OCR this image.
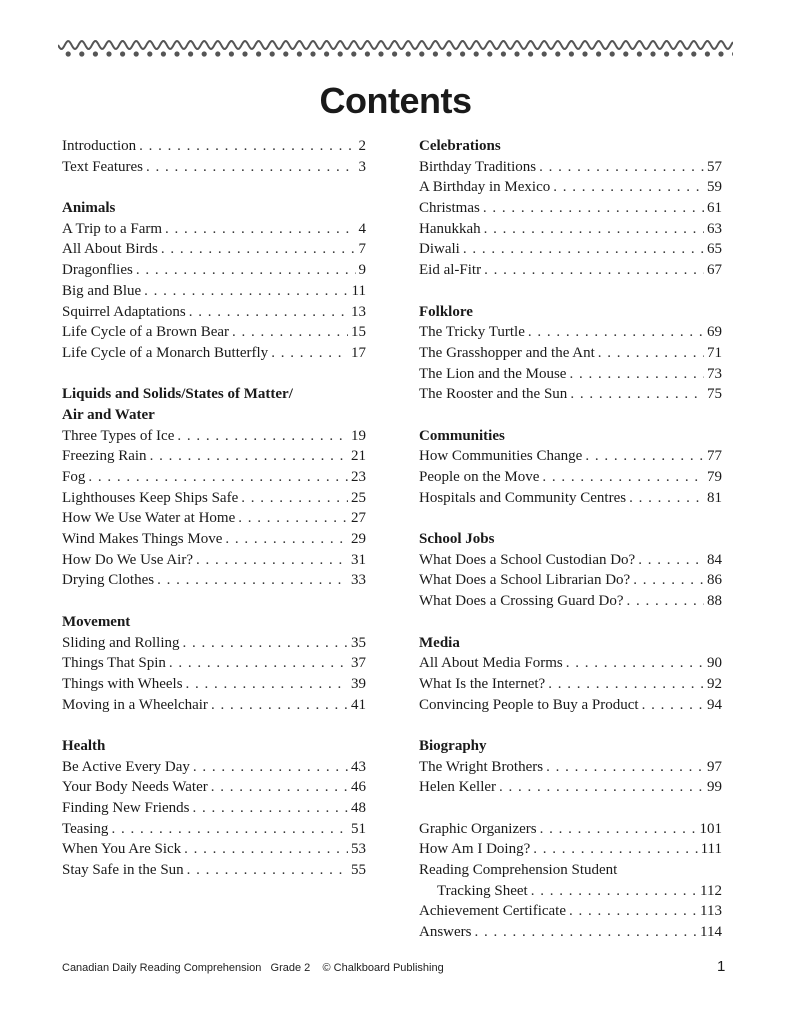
Contents
Introduction . . .	2
Text Features . . .	3
Animals
A Trip to a Farm . . .	4
All About Birds . . .	7
Dragonflies . . .	9
Big and Blue . . .	11
Squirrel Adaptations . . .	13
Life Cycle of a Brown Bear . . .	15
Life Cycle of a Monarch Butterfly . . .	17
Liquids and Solids/States of Matter/
Air and Water
Three Types of Ice . . .	19
Freezing Rain . . .	21
Fog . . .	23
Lighthouses Keep Ships Safe . . .	25
How We Use Water at Home . . .	27
Wind Makes Things Move . . .	29
How Do We Use Air? . . .	31
Drying Clothes . . .	33
Movement
Sliding and Rolling . . .	35
Things That Spin . . .	37
Things with Wheels . . .	39
Moving in a Wheelchair . . .	41
Health
Be Active Every Day . . .	43
Your Body Needs Water . . .	46
Finding New Friends . . .	48
Teasing . . .	51
When You Are Sick . . .	53
Stay Safe in the Sun . . .	55
Celebrations
Birthday Traditions . . .	57
A Birthday in Mexico . . .	59
Christmas . . .	61
Hanukkah . . .	63
Diwali . . .	65
Eid al-Fitr . . .	67
Folklore
The Tricky Turtle . . .	69
The Grasshopper and the Ant . . .	71
The Lion and the Mouse . . .	73
The Rooster and the Sun . . .	75
Communities
How Communities Change . . .	77
People on the Move . . .	79
Hospitals and Community Centres . . .	81
School Jobs
What Does a School Custodian Do? . . .	84
What Does a School Librarian Do? . . .	86
What Does a Crossing Guard Do? . . .	88
Media
All About Media Forms . . .	90
What Is the Internet? . . .	92
Convincing People to Buy a Product . . .	94
Biography
The Wright Brothers . . .	97
Helen Keller . . .	99
Graphic Organizers . . .	101
How Am I Doing? . . .	111
Reading Comprehension Student
Tracking Sheet . . .	112
Achievement Certificate . . .	113
Answers . . .	114
Canadian Daily Reading Comprehension   Grade 2    © Chalkboard Publishing	1
